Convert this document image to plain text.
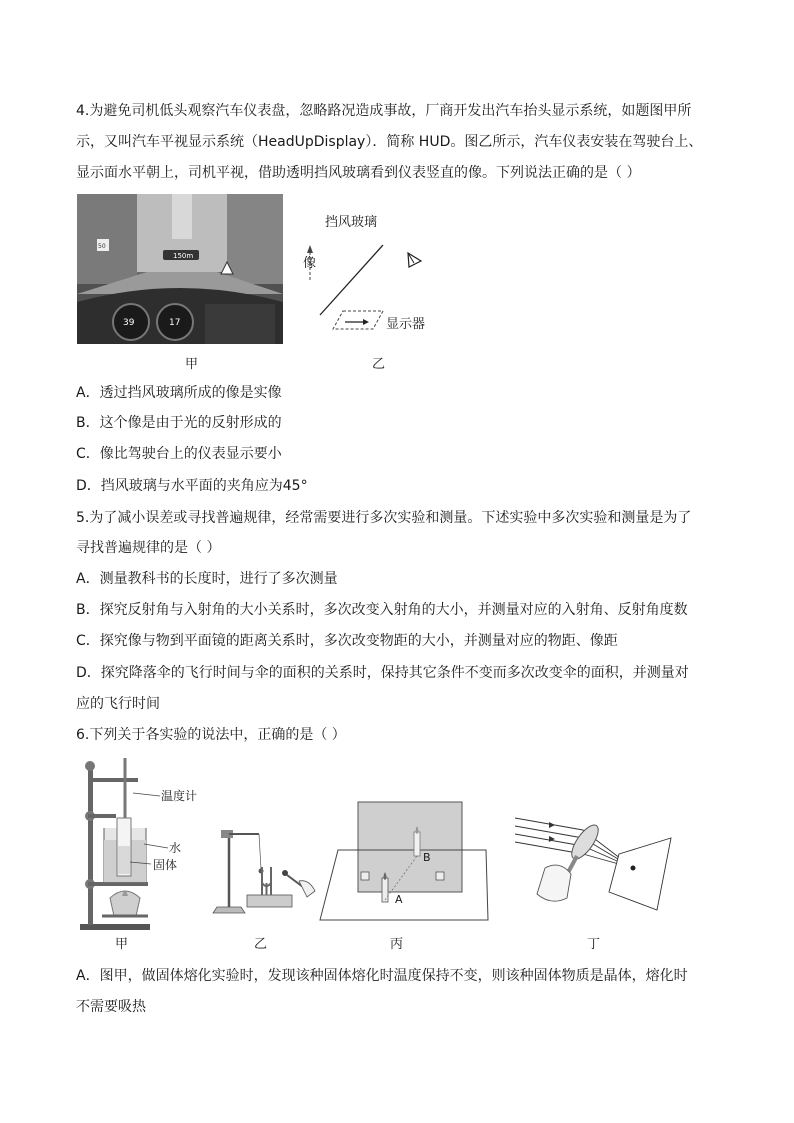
4.为避免司机低头观察汽车仪表盘，忽略路况造成事故，厂商开发出汽车抬头显示系统，如题图甲所
示，又叫汽车平视显示系统（HeadUpDisplay）．简称 HUD。图乙所示，汽车仪表安装在驾驶台上、
显示面水平朝上，司机平视，借助透明挡风玻璃看到仪表竖直的像。下列说法正确的是（ ）
150m
50
39	17
甲
挡风玻璃
像
显示器
乙
A．透过挡风玻璃所成的像是实像
B．这个像是由于光的反射形成的
C．像比驾驶台上的仪表显示要小
D．挡风玻璃与水平面的夹角应为45°
5.为了减小误差或寻找普遍规律，经常需要进行多次实验和测量。下述实验中多次实验和测量是为了
寻找普遍规律的是（ ）
A．测量教科书的长度时，进行了多次测量
B．探究反射角与入射角的大小关系时，多次改变入射角的大小，并测量对应的入射角、反射角度数
C．探究像与物到平面镜的距离关系时，多次改变物距的大小，并测量对应的物距、像距
D．探究降落伞的飞行时间与伞的面积的关系时，保持其它条件不变而多次改变伞的面积，并测量对
应的飞行时间
6.下列关于各实验的说法中，正确的是（ ）
温度计
水
固体
甲	乙
A
B
丙	丁
A．图甲，做固体熔化实验时，发现该种固体熔化时温度保持不变，则该种固体物质是晶体，熔化时
不需要吸热
